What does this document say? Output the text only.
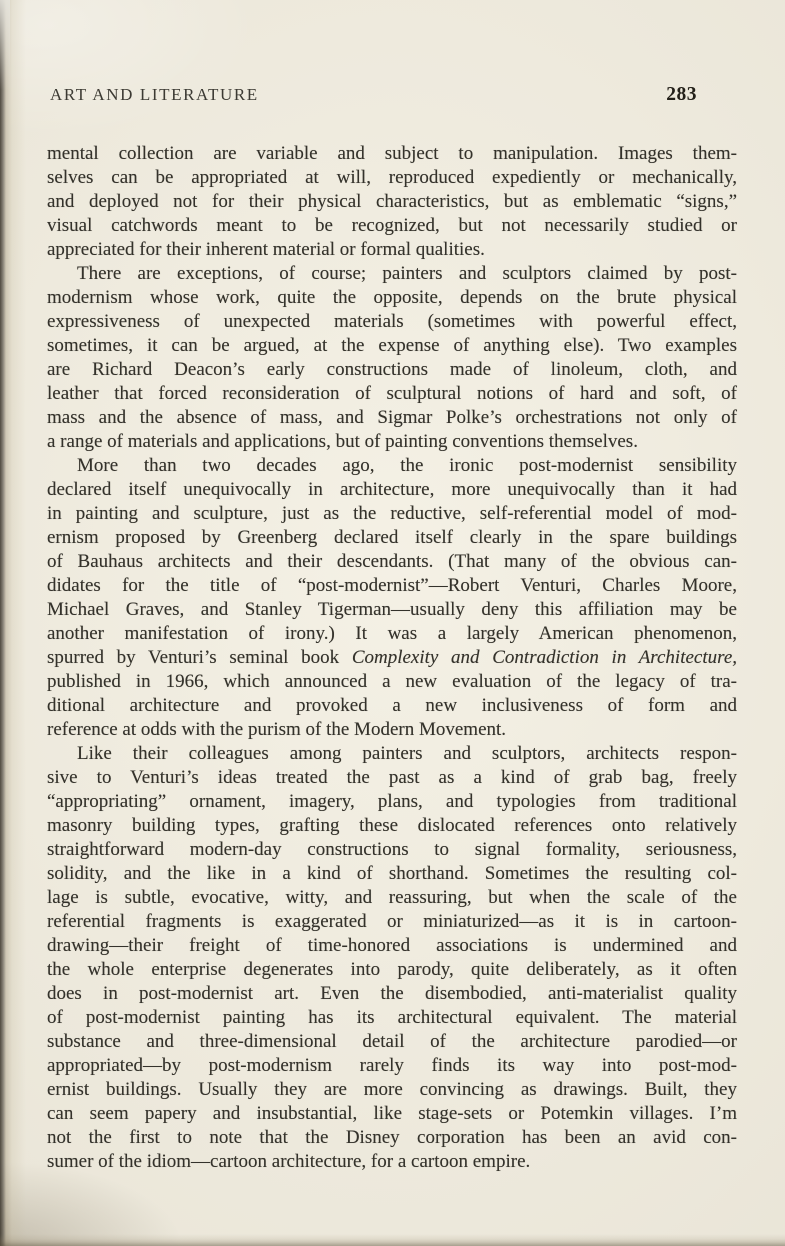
ART AND LITERATURE	283
mental collection are variable and subject to manipulation. Images them-
selves can be appropriated at will, reproduced expediently or mechanically,
and deployed not for their physical characteristics, but as emblematic “signs,”
visual catchwords meant to be recognized, but not necessarily studied or
appreciated for their inherent material or formal qualities.
There are exceptions, of course; painters and sculptors claimed by post-
modernism whose work, quite the opposite, depends on the brute physical
expressiveness of unexpected materials (sometimes with powerful effect,
sometimes, it can be argued, at the expense of anything else). Two examples
are Richard Deacon’s early constructions made of linoleum, cloth, and
leather that forced reconsideration of sculptural notions of hard and soft, of
mass and the absence of mass, and Sigmar Polke’s orchestrations not only of
a range of materials and applications, but of painting conventions themselves.
More than two decades ago, the ironic post-modernist sensibility
declared itself unequivocally in architecture, more unequivocally than it had
in painting and sculpture, just as the reductive, self-referential model of mod-
ernism proposed by Greenberg declared itself clearly in the spare buildings
of Bauhaus architects and their descendants. (That many of the obvious can-
didates for the title of “post-modernist”—Robert Venturi, Charles Moore,
Michael Graves, and Stanley Tigerman—usually deny this affiliation may be
another manifestation of irony.) It was a largely American phenomenon,
spurred by Venturi’s seminal book Complexity and Contradiction in Architecture,
published in 1966, which announced a new evaluation of the legacy of tra-
ditional architecture and provoked a new inclusiveness of form and
reference at odds with the purism of the Modern Movement.
Like their colleagues among painters and sculptors, architects respon-
sive to Venturi’s ideas treated the past as a kind of grab bag, freely
“appropriating” ornament, imagery, plans, and typologies from traditional
masonry building types, grafting these dislocated references onto relatively
straightforward modern-day constructions to signal formality, seriousness,
solidity, and the like in a kind of shorthand. Sometimes the resulting col-
lage is subtle, evocative, witty, and reassuring, but when the scale of the
referential fragments is exaggerated or miniaturized—as it is in cartoon-
drawing—their freight of time-honored associations is undermined and
the whole enterprise degenerates into parody, quite deliberately, as it often
does in post-modernist art. Even the disembodied, anti-materialist quality
of post-modernist painting has its architectural equivalent. The material
substance and three-dimensional detail of the architecture parodied—or
appropriated—by post-modernism rarely finds its way into post-mod-
ernist buildings. Usually they are more convincing as drawings. Built, they
can seem papery and insubstantial, like stage-sets or Potemkin villages. I’m
not the first to note that the Disney corporation has been an avid con-
sumer of the idiom—cartoon architecture, for a cartoon empire.
